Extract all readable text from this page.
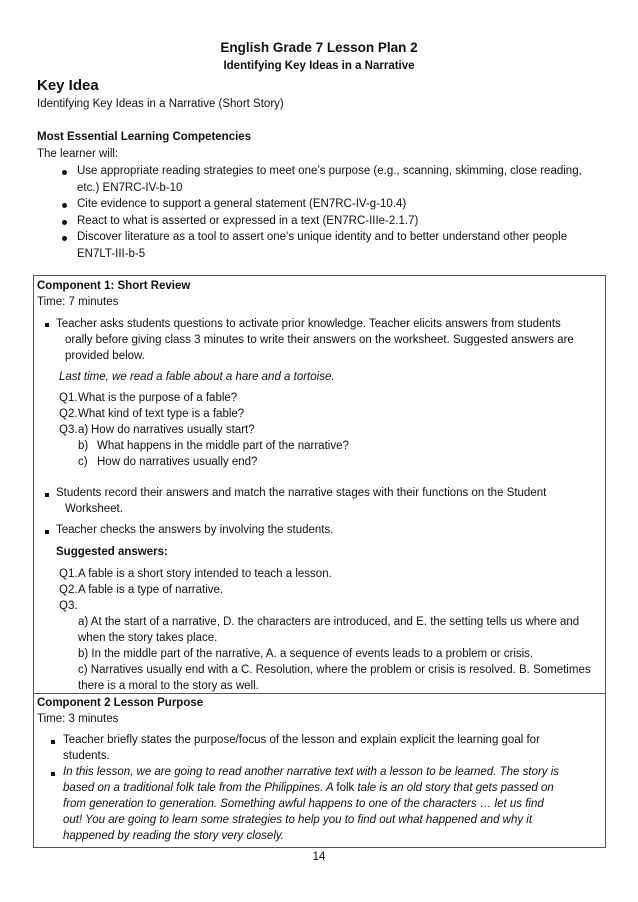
English Grade 7 Lesson Plan 2
Identifying Key Ideas in a Narrative
Key Idea
Identifying Key Ideas in a Narrative (Short Story)
Most Essential Learning Competencies
The learner will:
Use appropriate reading strategies to meet one’s purpose (e.g., scanning, skimming, close reading,
etc.) EN7RC-IV-b-10
Cite evidence to support a general statement (EN7RC-IV-g-10.4)
React to what is asserted or expressed in a text (EN7RC-IIIe-2.1.7)
Discover literature as a tool to assert one’s unique identity and to better understand other people
EN7LT-III-b-5
Component 1: Short Review
Time: 7 minutes
Teacher asks students questions to activate prior knowledge. Teacher elicits answers from students
orally before giving class 3 minutes to write their answers on the worksheet. Suggested answers are
provided below.
Last time, we read a fable about a hare and a tortoise.
Q1. What is the purpose of a fable?
Q2. What kind of text type is a fable?
Q3. a) How do narratives usually start?
b) What happens in the middle part of the narrative?
c) How do narratives usually end?
Students record their answers and match the narrative stages with their functions on the Student
Worksheet.
Teacher checks the answers by involving the students.
Suggested answers:
Q1. A fable is a short story intended to teach a lesson.
Q2. A fable is a type of narrative.
Q3.
a) At the start of a narrative, D. the characters are introduced, and E. the setting tells us where and
when the story takes place.
b) In the middle part of the narrative, A. a sequence of events leads to a problem or crisis.
c) Narratives usually end with a C. Resolution, where the problem or crisis is resolved. B. Sometimes
there is a moral to the story as well.
Component 2 Lesson Purpose
Time: 3 minutes
Teacher briefly states the purpose/focus of the lesson and explain explicit the learning goal for
students.
In this lesson, we are going to read another narrative text with a lesson to be learned. The story is
based on a traditional folk tale from the Philippines. A folk tale is an old story that gets passed on
from generation to generation. Something awful happens to one of the characters … let us find
out! You are going to learn some strategies to help you to find out what happened and why it
happened by reading the story very closely.
14
